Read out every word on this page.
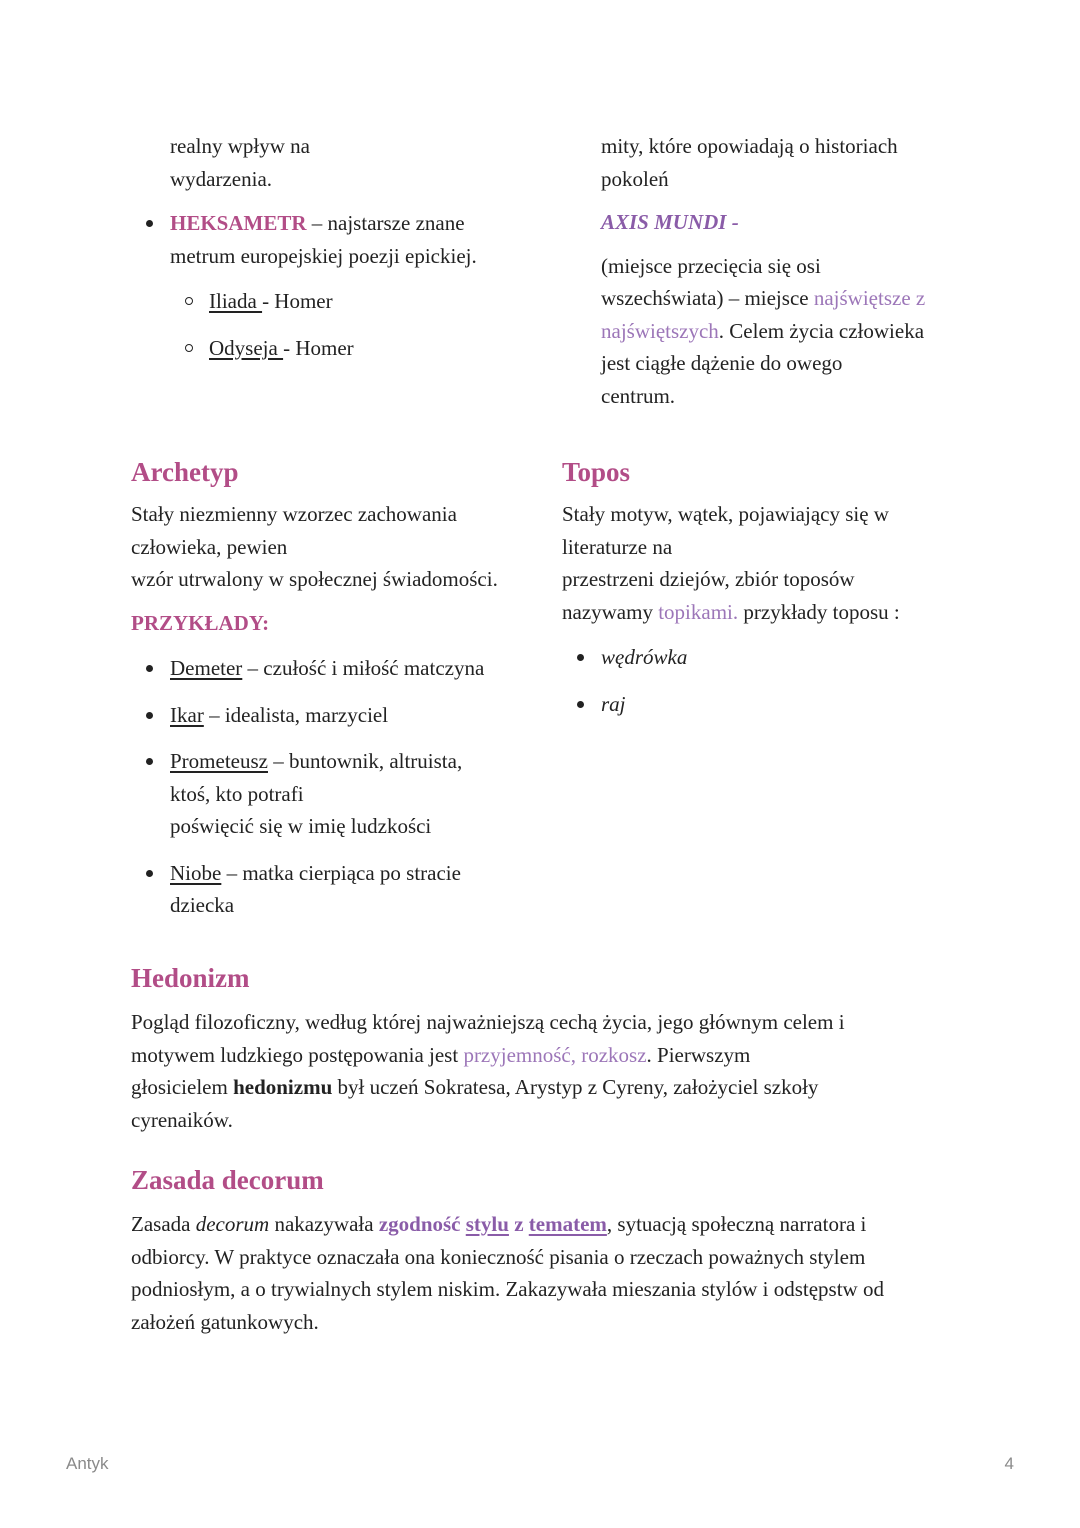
realny wpływ na

wydarzenia.

HEKSAMETR – najstarsze znane

metrum europejskiej poezji epickiej.

Iliada - Homer
Odyseja - Homer

mity, które opowiadają o historiach

pokoleń

AXIS MUNDI -

(miejsce przecięcia się osi

wszechświata) – miejsce najświętsze z

najświętszych. Celem życia człowieka

jest ciągłe dążenie do owego

centrum.

Archetyp

Stały niezmienny wzorzec zachowania

człowieka, pewien

wzór utrwalony w społecznej świadomości.

PRZYKŁADY:

Demeter – czułość i miłość matczyna
Ikar – idealista, marzyciel

Prometeusz – buntownik, altruista,

ktoś, kto potrafi

poświęcić się w imię ludzkości

Niobe – matka cierpiąca po stracie

dziecka

Topos

Stały motyw, wątek, pojawiający się w

literaturze na

przestrzeni dziejów, zbiór toposów

nazywamy topikami. przykłady toposu :

wędrówka
raj

Hedonizm

Pogląd filozoficzny, według której najważniejszą cechą życia, jego głównym celem i

motywem ludzkiego postępowania jest przyjemność, rozkosz. Pierwszym

głosicielem hedonizmu był uczeń Sokratesa, Arystyp z Cyreny, założyciel szkoły

cyrenaików.

Zasada decorum

Zasada decorum nakazywała zgodność stylu z tematem, sytuacją społeczną narratora i

odbiorcy. W praktyce oznaczała ona konieczność pisania o rzeczach poważnych stylem

podniosłym, a o trywialnych stylem niskim. Zakazywała mieszania stylów i odstępstw od

założeń gatunkowych.

Antyk	4
